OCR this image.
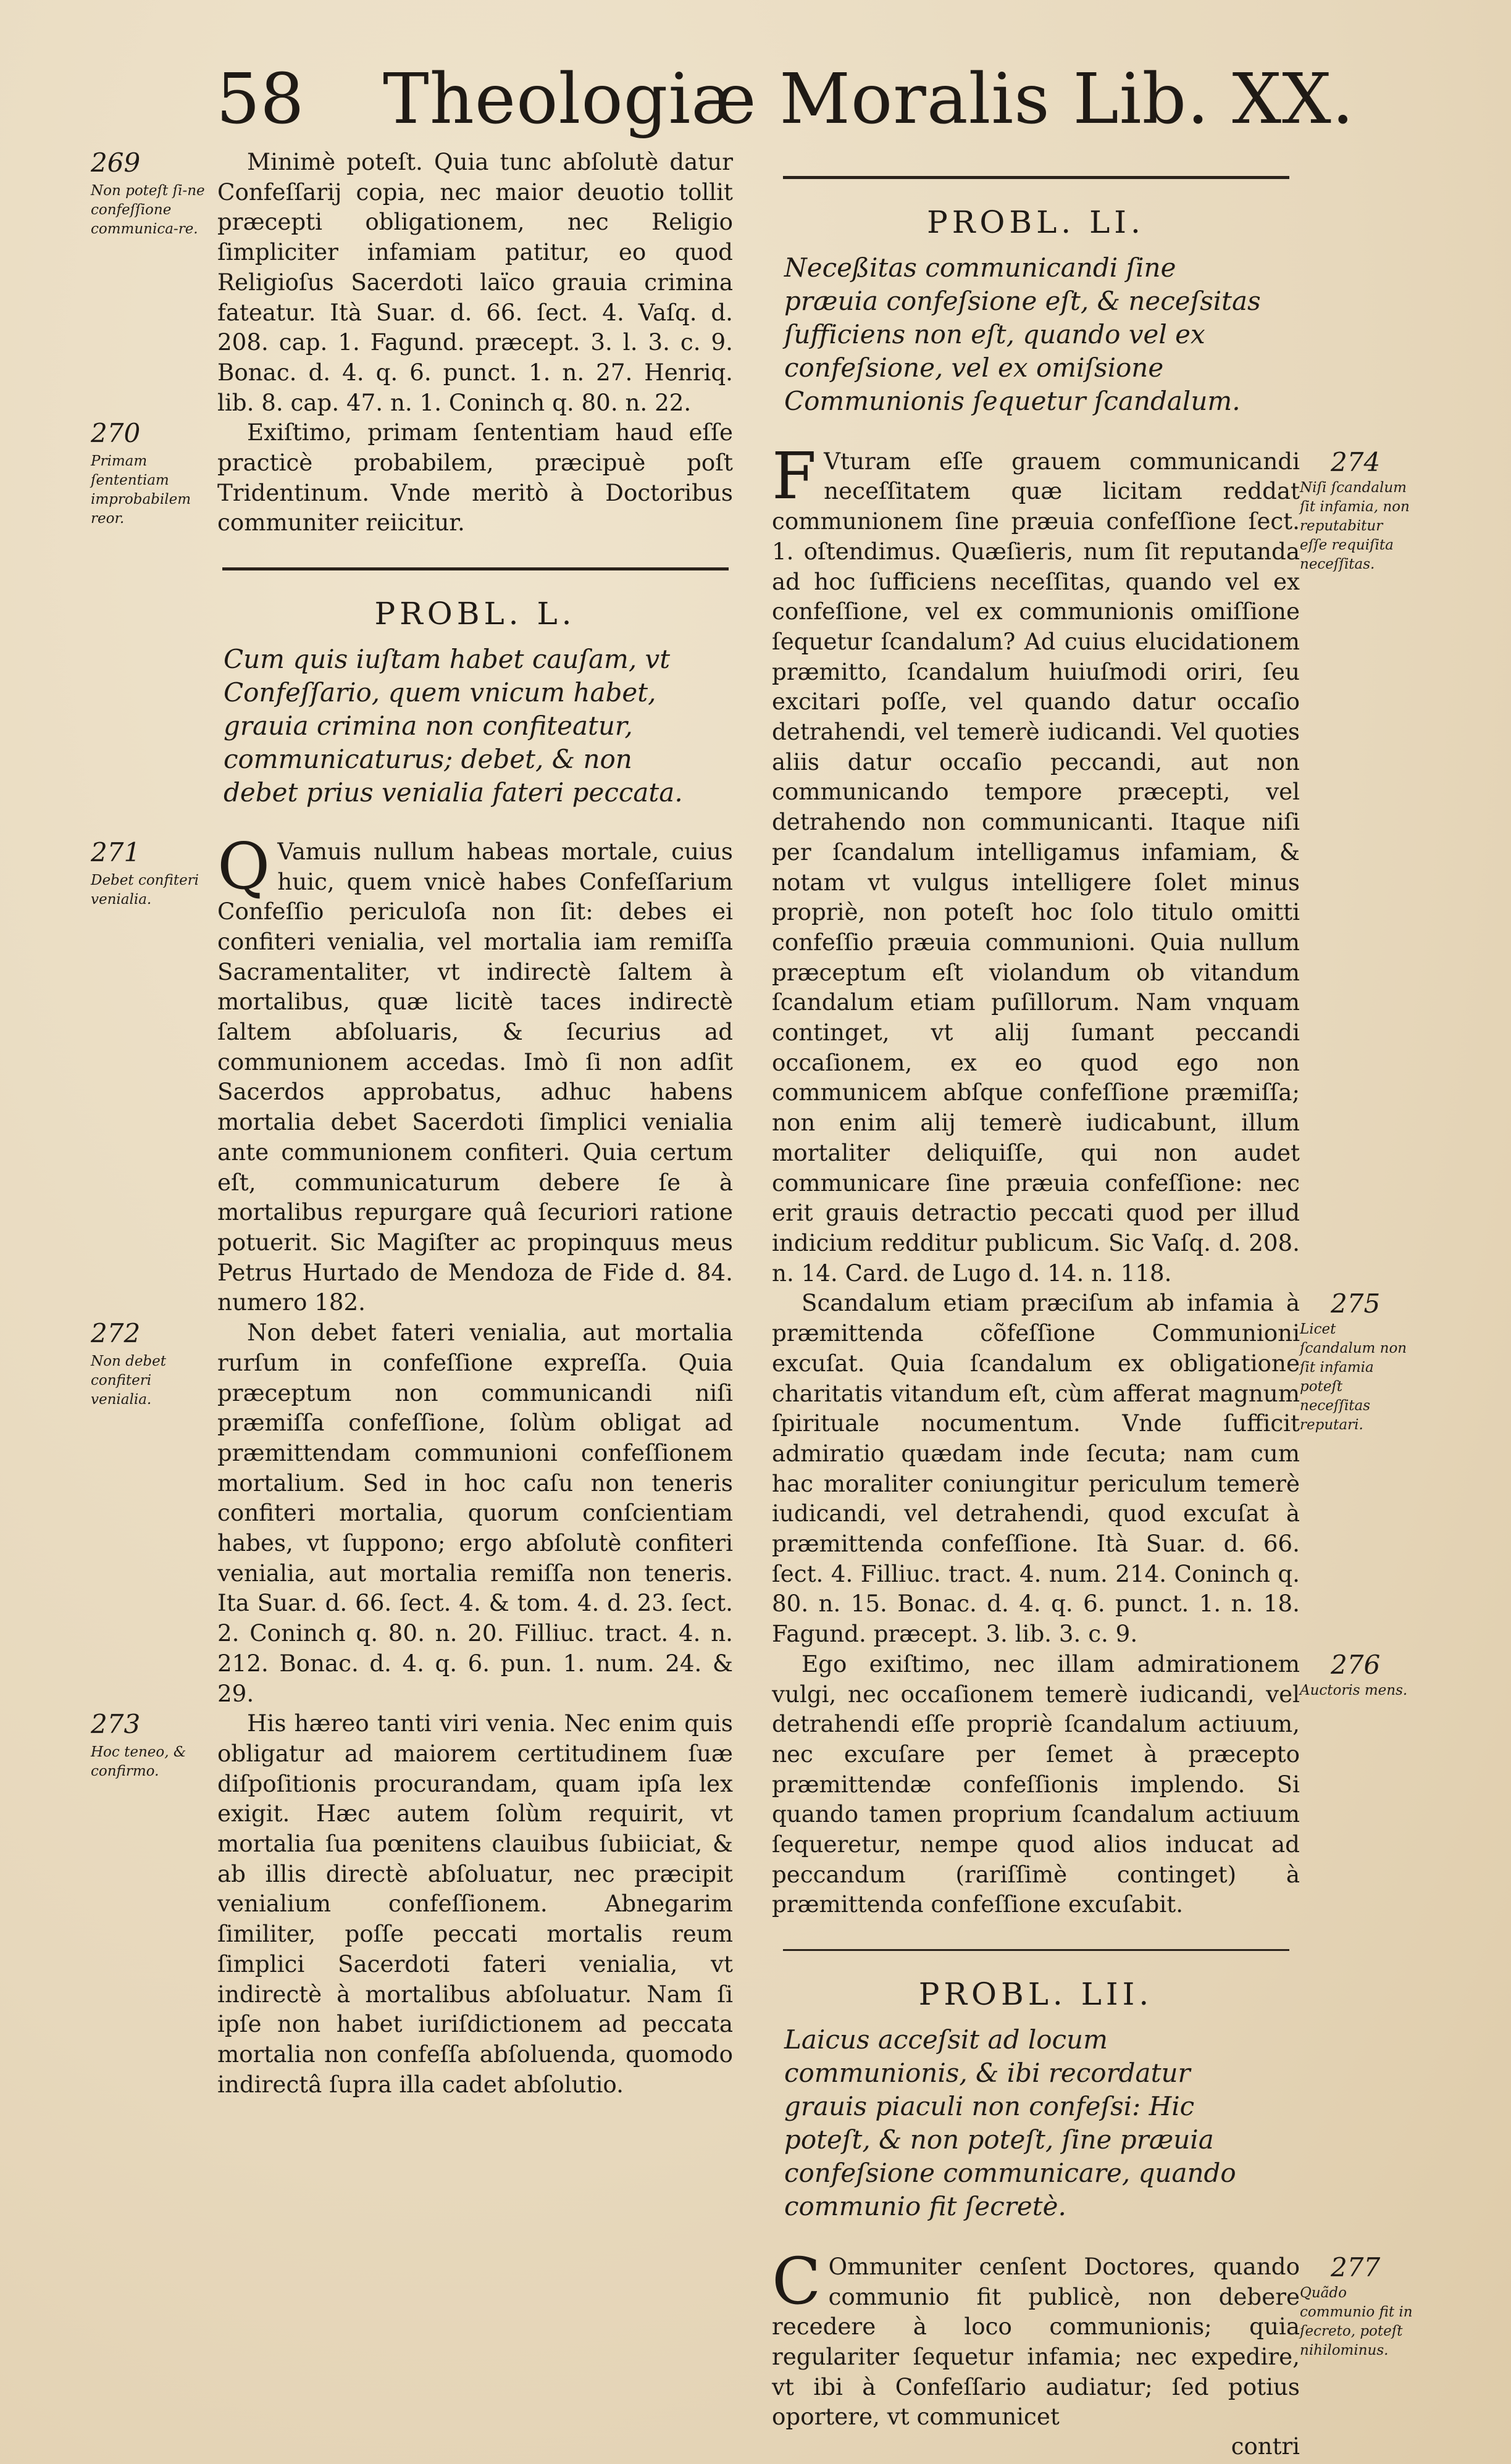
58 Theologiæ Moralis Lib. XX.
269
Non poteſt ſi‑ne confeſſione communica‑re.

Minimè poteſt. Quia tunc abſolutè datur Confeſſarij copia, nec maior deuotio tollit præcepti obligationem, nec Religio ſimpliciter infamiam patitur, eo quod Religioſus Sacerdoti laïco grauia crimina fateatur. Ità Suar. d. 66. ſect. 4. Vaſq. d. 208. cap. 1. Fagund. præcept. 3. l. 3. c. 9. Bonac. d. 4. q. 6. punct. 1. n. 27. Henriq. lib. 8. cap. 47. n. 1. Coninch q. 80. n. 22.

270
Primam ſententiam improbabilem reor.

Exiſtimo, primam ſententiam haud eſſe practicè probabilem, præcipuè poſt Tridentinum. Vnde meritò à Doctoribus communiter reiicitur.

PROBL. L.
Cum quis iuſtam habet cauſam, vt Confeſſario, quem vnicum habet, grauia crimina non confiteatur, communicaturus; debet, & non debet prius venialia fateri peccata.
271
Debet confiteri venialia.	Q Vamuis nullum habeas mortale, cuius huic, quem vnicè habes Confeſſarium Confeſſio periculoſa non ſit: debes ei confiteri venialia, vel mortalia iam remiſſa Sacramentaliter, vt indirectè ſaltem à mortalibus, quæ licitè taces indirectè ſaltem abſoluaris, & ſecurius ad communionem accedas. Imò ſi non adſit Sacerdos approbatus, adhuc habens mortalia debet Sacerdoti ſimplici venialia ante communionem confiteri. Quia certum eſt, communicaturum debere ſe à mortalibus repurgare quâ ſecuriori ratione potuerit. Sic Magiſter ac propinquus meus Petrus Hurtado de Mendoza de Fide d. 84. numero 182.

272
Non debet confiteri venialia.

Non debet fateri venialia, aut mortalia rurſum in confeſſione expreſſa. Quia præceptum non communicandi niſi præmiſſa confeſſione, ſolùm obligat ad præmittendam communioni confeſſionem mortalium. Sed in hoc caſu non teneris confiteri mortalia, quorum conſcientiam habes, vt ſuppono; ergo abſolutè confiteri venialia, aut mortalia remiſſa non teneris. Ita Suar. d. 66. ſect. 4. & tom. 4. d. 23. ſect. 2. Coninch q. 80. n. 20. Filliuc. tract. 4. n. 212. Bonac. d. 4. q. 6. pun. 1. num. 24. & 29.

273
Hoc teneo, & confirmo.

His hæreo tanti viri venia. Nec enim quis obligatur ad maiorem certitudinem ſuæ diſpoſitionis procurandam, quam ipſa lex exigit. Hæc autem ſolùm requirit, vt mortalia ſua pœnitens clauibus ſubiiciat, & ab illis directè abſoluatur, nec præcipit venialium confeſſionem. Abnegarim ſimiliter, poſſe peccati mortalis reum ſimplici Sacerdoti fateri venialia, vt indirectè à mortalibus abſoluatur. Nam ſi ipſe non habet iuriſdictionem ad peccata mortalia non confeſſa abſoluenda, quomodo indirectâ ſupra illa cadet abſolutio.

PROBL. LI.
Neceßitas communicandi ſine præuia confeſsione eſt, & neceſsitas ſufficiens non eſt, quando vel ex confeſsione, vel ex omiſsione Communionis ſequetur ſcandalum.
274
Niſi ſcandalum ſit infamia, non reputabitur eſſe requiſita neceſſitas.

F Vturam eſſe grauem communicandi neceſſitatem quæ licitam reddat communionem ſine præuia confeſſione ſect. 1. oſtendimus. Quæſieris, num ſit reputanda ad hoc ſufficiens neceſſitas, quando vel ex confeſſione, vel ex communionis omiſſione ſequetur ſcandalum? Ad cuius elucidationem præmitto, ſcandalum huiuſmodi oriri, ſeu excitari poſſe, vel quando datur occaſio detrahendi, vel temerè iudicandi. Vel quoties aliis datur occaſio peccandi, aut non communicando tempore præcepti, vel detrahendo non communicanti. Itaque niſi per ſcandalum intelligamus infamiam, & notam vt vulgus intelligere ſolet minus propriè, non poteſt hoc ſolo titulo omitti confeſſio præuia communioni. Quia nullum præceptum eſt violandum ob vitandum ſcandalum etiam puſillorum. Nam vnquam continget, vt alij ſumant peccandi occaſionem, ex eo quod ego non communicem abſque confeſſione præmiſſa; non enim alij temerè iudicabunt, illum mortaliter deliquiſſe, qui non audet communicare ſine præuia confeſſione: nec erit grauis detractio peccati quod per illud indicium redditur publicum. Sic Vaſq. d. 208. n. 14. Card. de Lugo d. 14. n. 118.

275
Licet ſcandalum non ſit infamia poteſt neceſſitas reputari.

Scandalum etiam præciſum ab infamia à præmittenda cõfeſſione Communioni excuſat. Quia ſcandalum ex obligatione charitatis vitandum eſt, cùm afferat magnum ſpirituale nocumentum. Vnde ſufficit admiratio quædam inde ſecuta; nam cum hac moraliter coniungitur periculum temerè iudicandi, vel detrahendi, quod excuſat à præmittenda confeſſione. Ità Suar. d. 66. ſect. 4. Filliuc. tract. 4. num. 214. Coninch q. 80. n. 15. Bonac. d. 4. q. 6. punct. 1. n. 18. Fagund. præcept. 3. lib. 3. c. 9.

276
Auctoris mens.

Ego exiſtimo, nec illam admirationem vulgi, nec occaſionem temerè iudicandi, vel detrahendi eſſe propriè ſcandalum actiuum, nec excuſare per ſemet à præcepto præmittendæ confeſſionis implendo. Si quando tamen proprium ſcandalum actiuum ſequeretur, nempe quod alios inducat ad peccandum (rariſſimè continget) à præmittenda confeſſione excuſabit.

PROBL. LII.
Laicus acceſsit ad locum communionis, & ibi recordatur grauis piaculi non confeſsi: Hic poteſt, & non poteſt, ſine præuia confeſsione communicare, quando communio fit ſecretè.
277
Quãdo communio fit in ſecreto, poteſt nihilominus.

C Ommuniter cenſent Doctores, quando communio fit publicè, non debere recedere à loco communionis; quia regulariter ſequetur infamia; nec expedire, vt ibi à Confeſſario audiatur; ſed potius oportere, vt communicet

contri
